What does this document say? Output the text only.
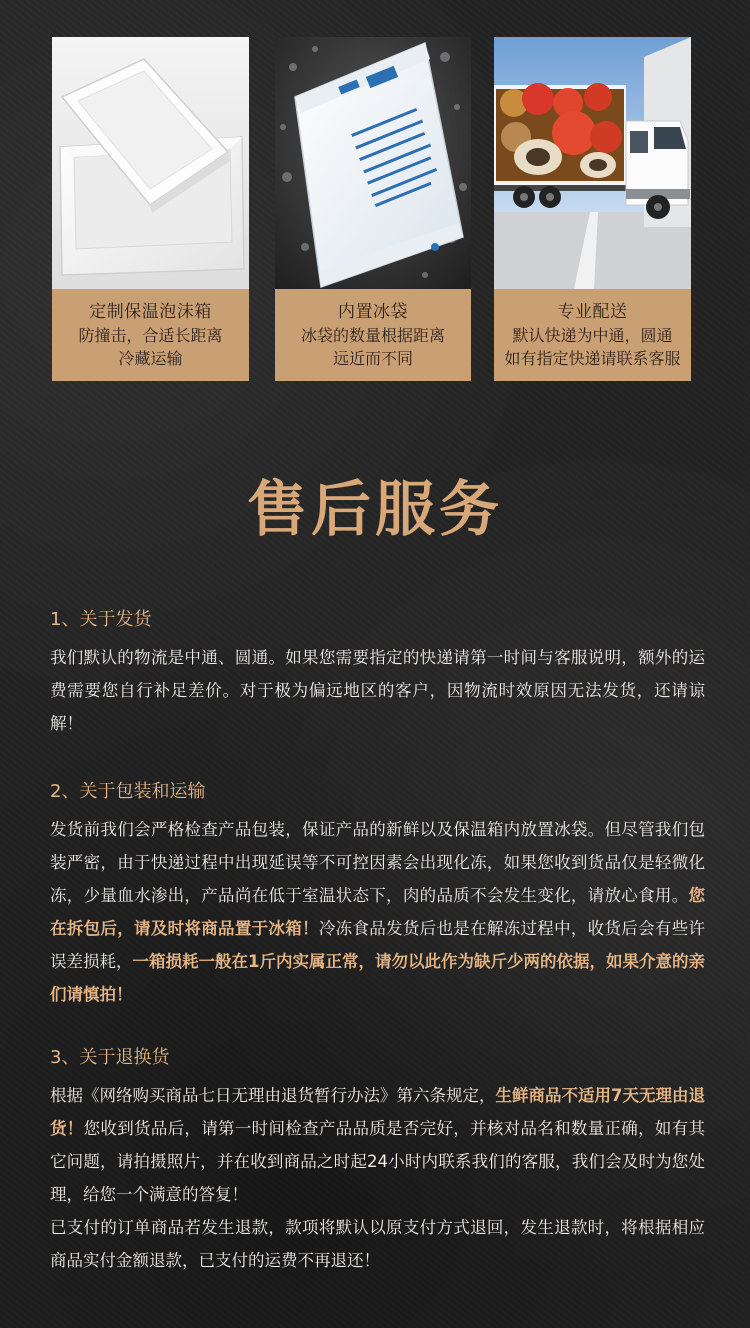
定制保温泡沫箱
防撞击，合适长距离
冷藏运输
内置冰袋
冰袋的数量根据距离
远近而不同
专业配送
默认快递为中通，圆通
如有指定快递请联系客服
售后服务
1、关于发货
我们默认的物流是中通、圆通。如果您需要指定的快递请第一时间与客服说明，额外的运费需要您自行补足差价。对于极为偏远地区的客户，因物流时效原因无法发货，还请谅解！
2、关于包装和运输
发货前我们会严格检查产品包装，保证产品的新鲜以及保温箱内放置冰袋。但尽管我们包装严密，由于快递过程中出现延误等不可控因素会出现化冻，如果您收到货品仅是轻微化冻，少量血水渗出，产品尚在低于室温状态下，肉的品质不会发生变化，请放心食用。您在拆包后，请及时将商品置于冰箱！冷冻食品发货后也是在解冻过程中，收货后会有些许误差损耗，一箱损耗一般在1斤内实属正常，请勿以此作为缺斤少两的依据，如果介意的亲们请慎拍！
3、关于退换货
根据《网络购买商品七日无理由退货暂行办法》第六条规定，生鲜商品不适用7天无理由退货！您收到货品后，请第一时间检查产品品质是否完好，并核对品名和数量正确，如有其它问题，请拍摄照片，并在收到商品之时起24小时内联系我们的客服，我们会及时为您处理，给您一个满意的答复！
已支付的订单商品若发生退款，款项将默认以原支付方式退回，发生退款时，将根据相应商品实付金额退款，已支付的运费不再退还！
